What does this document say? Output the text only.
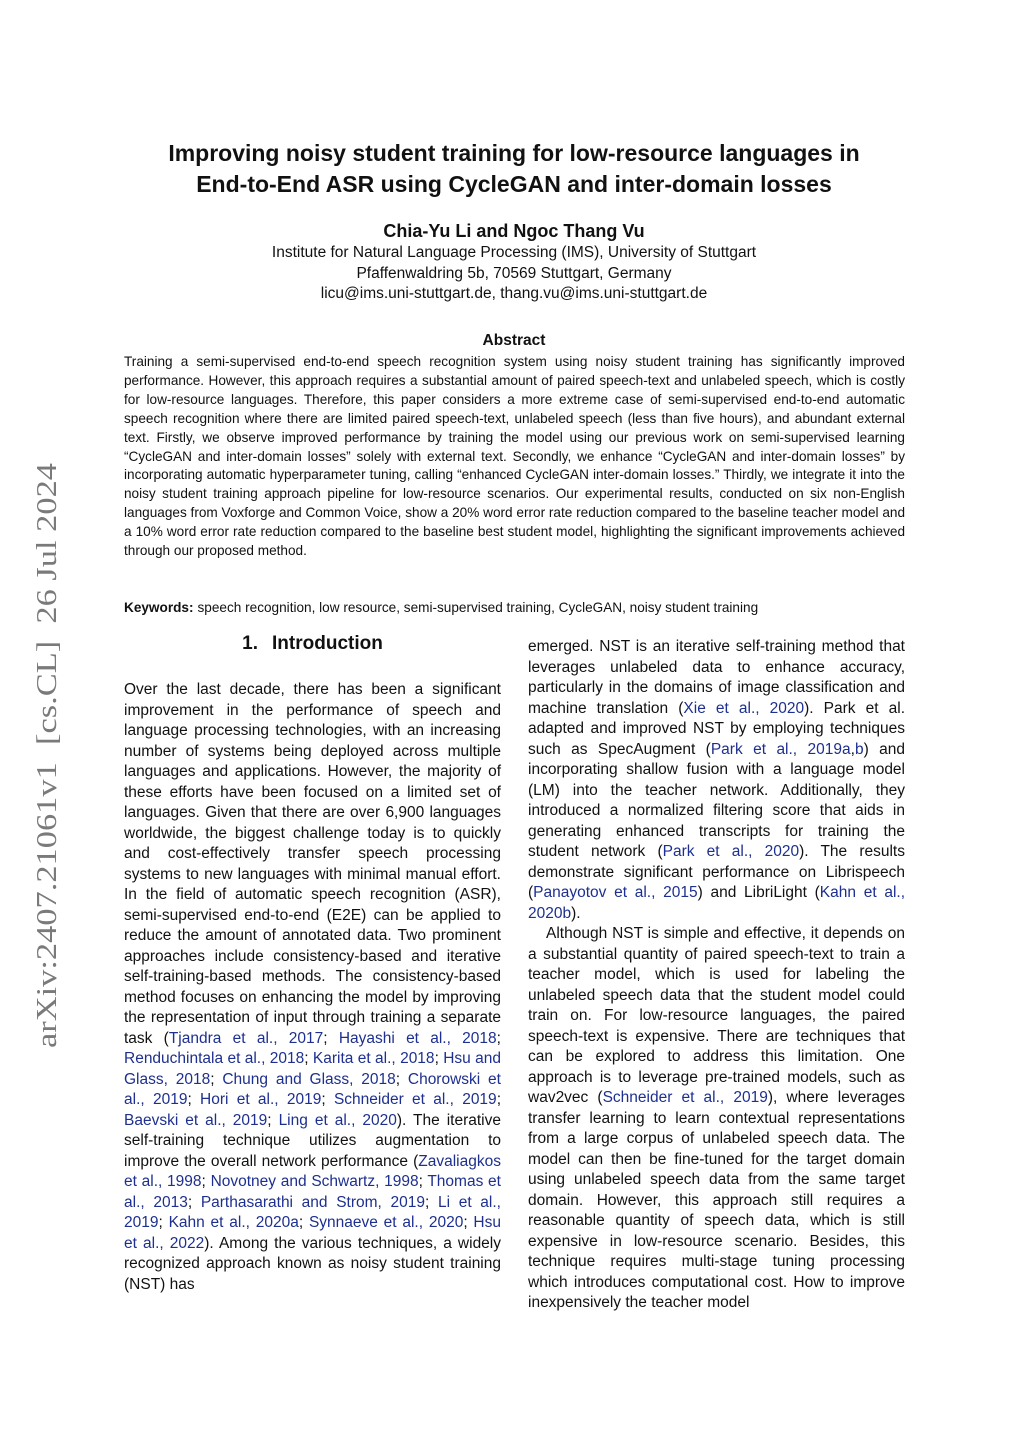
arXiv:2407.21061v1  [cs.CL]  26 Jul 2024
Improving noisy student training for low-resource languages in
End-to-End ASR using CycleGAN and inter-domain losses
Chia-Yu Li and Ngoc Thang Vu
Institute for Natural Language Processing (IMS), University of Stuttgart
Pfaffenwaldring 5b, 70569 Stuttgart, Germany
licu@ims.uni-stuttgart.de, thang.vu@ims.uni-stuttgart.de
Abstract

Training a semi-supervised end-to-end speech recognition system using noisy student training has significantly improved performance. However, this approach requires a substantial amount of paired speech-text and unlabeled speech, which is costly for low-resource languages. Therefore, this paper considers a more extreme case of semi-supervised end-to-end automatic speech recognition where there are limited paired speech-text, unlabeled speech (less than five hours), and abundant external text. Firstly, we observe improved performance by training the model using our previous work on semi-supervised learning “CycleGAN and inter-domain losses” solely with external text. Secondly, we enhance “CycleGAN and inter-domain losses” by incorporating automatic hyperparameter tuning, calling “enhanced CycleGAN inter-domain losses.” Thirdly, we integrate it into the noisy student training approach pipeline for low-resource scenarios. Our experimental results, conducted on six non-English languages from Voxforge and Common Voice, show a 20% word error rate reduction compared to the baseline teacher model and a 10% word error rate reduction compared to the baseline best student model, highlighting the significant improvements achieved through our proposed method.

Keywords: speech recognition, low resource, semi-supervised training, CycleGAN, noisy student training
1. Introduction

Over the last decade, there has been a significant improvement in the performance of speech and language processing technologies, with an increasing number of systems being deployed across multiple languages and applications. However, the majority of these efforts have been focused on a limited set of languages. Given that there are over 6,900 languages worldwide, the biggest challenge today is to quickly and cost-effectively transfer speech processing systems to new languages with minimal manual effort. In the field of automatic speech recognition (ASR), semi-supervised end-to-end (E2E) can be applied to reduce the amount of annotated data. Two prominent approaches include consistency-based and iterative self-training-based methods. The consistency-based method focuses on enhancing the model by improving the representation of input through training a separate task (Tjandra et al., 2017; Hayashi et al., 2018; Renduchintala et al., 2018; Karita et al., 2018; Hsu and Glass, 2018; Chung and Glass, 2018; Chorowski et al., 2019; Hori et al., 2019; Schneider et al., 2019; Baevski et al., 2019; Ling et al., 2020). The iterative self-training technique utilizes augmentation to improve the overall network performance (Zavaliagkos et al., 1998; Novotney and Schwartz, 1998; Thomas et al., 2013; Parthasarathi and Strom, 2019; Li et al., 2019; Kahn et al., 2020a; Synnaeve et al., 2020; Hsu et al., 2022). Among the various techniques, a widely recognized approach known as noisy student training (NST) has

emerged. NST is an iterative self-training method that leverages unlabeled data to enhance accuracy, particularly in the domains of image classification and machine translation (Xie et al., 2020). Park et al. adapted and improved NST by employing techniques such as SpecAugment (Park et al., 2019a,b) and incorporating shallow fusion with a language model (LM) into the teacher network. Additionally, they introduced a normalized filtering score that aids in generating enhanced transcripts for training the student network (Park et al., 2020). The results demonstrate significant performance on Librispeech (Panayotov et al., 2015) and LibriLight (Kahn et al., 2020b).

Although NST is simple and effective, it depends on a substantial quantity of paired speech-text to train a teacher model, which is used for labeling the unlabeled speech data that the student model could train on. For low-resource languages, the paired speech-text is expensive. There are techniques that can be explored to address this limitation. One approach is to leverage pre-trained models, such as wav2vec (Schneider et al., 2019), where leverages transfer learning to learn contextual representations from a large corpus of unlabeled speech data. The model can then be fine-tuned for the target domain using unlabeled speech data from the same target domain. However, this approach still requires a reasonable quantity of speech data, which is still expensive in low-resource scenario. Besides, this technique requires multi-stage tuning processing which introduces computational cost. How to improve inexpensively the teacher model
